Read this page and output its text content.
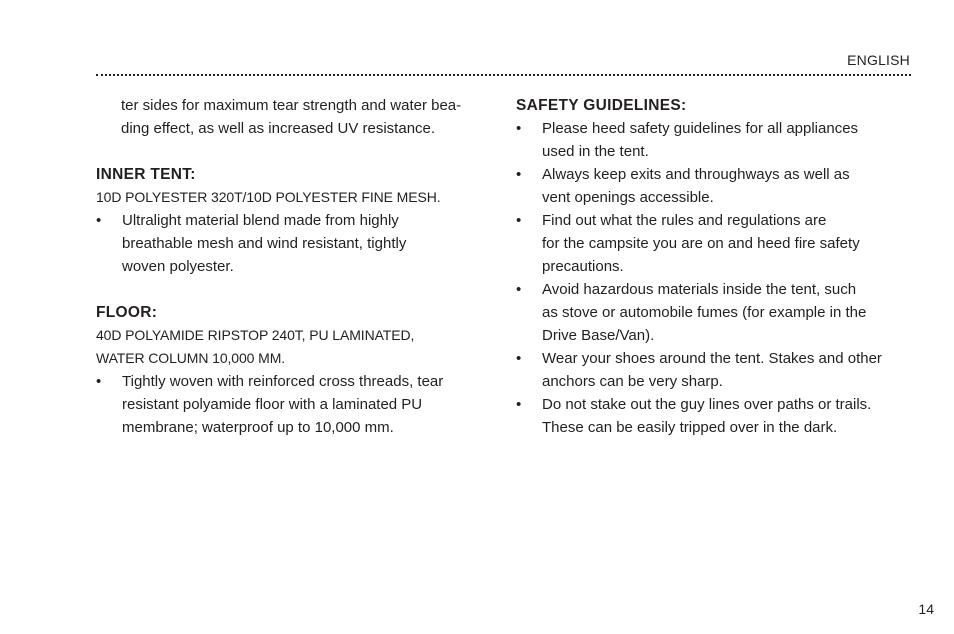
ENGLISH

ter sides for maximum tear strength and water bea-
ding effect, as well as increased UV resistance.

INNER TENT:

10D POLYESTER 320T/10D POLYESTER FINE MESH.

• Ultralight material blend made from highly
breathable mesh and wind resistant, tightly
woven polyester.
FLOOR:

40D POLYAMIDE RIPSTOP 240T, PU LAMINATED,
WATER COLUMN 10,000 MM.

• Tightly woven with reinforced cross threads, tear
resistant polyamide floor with a laminated PU
membrane; waterproof up to 10,000 mm.
SAFETY GUIDELINES:
• Please heed safety guidelines for all appliances
used in the tent.
• Always keep exits and throughways as well as
vent openings accessible.
• Find out what the rules and regulations are
for the campsite you are on and heed fire safety
precautions.
• Avoid hazardous materials inside the tent, such
as stove or automobile fumes (for example in the
Drive Base/Van).
• Wear your shoes around the tent. Stakes and other
anchors can be very sharp.
• Do not stake out the guy lines over paths or trails.
These can be easily tripped over in the dark.
14
